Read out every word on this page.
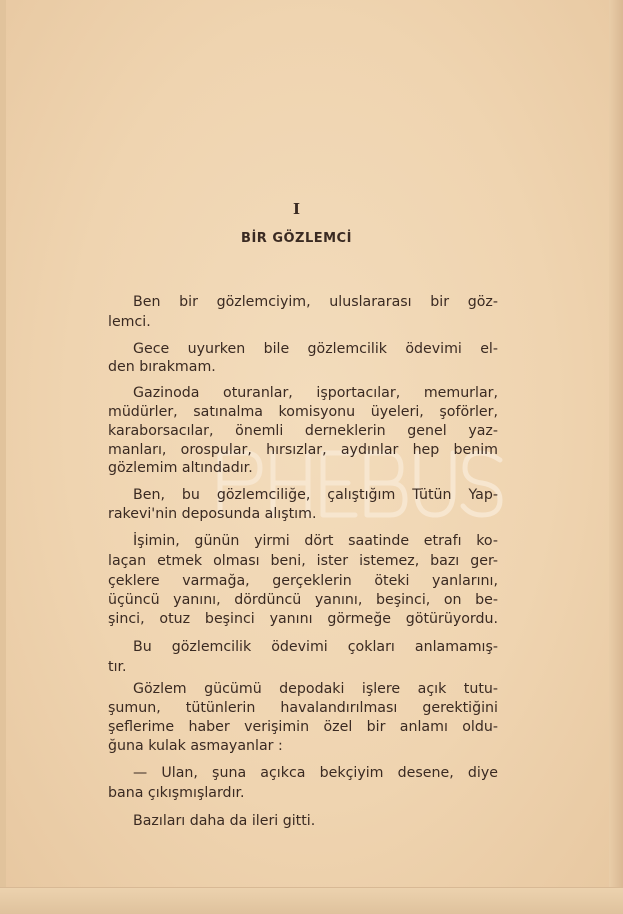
I
BİR GÖZLEMCİ
Ben bir gözlemciyim, uluslararası bir göz-
lemci.
Gece uyurken bile gözlemcilik ödevimi el-
den bırakmam.
Gazinoda oturanlar, işportacılar, memurlar,
müdürler, satınalma komisyonu üyeleri, şoförler,
karaborsacılar, önemli derneklerin genel yaz-
manları, orospular, hırsızlar, aydınlar hep benim
gözlemim altındadır.
Ben, bu gözlemciliğe, çalıştığım Tütün Yap-
rakevi'nin deposunda alıştım.
İşimin, günün yirmi dört saatinde etrafı ko-
laçan etmek olması beni, ister istemez, bazı ger-
çeklere varmağa, gerçeklerin öteki yanlarını,
üçüncü yanını, dördüncü yanını, beşinci, on be-
şinci, otuz beşinci yanını görmeğe götürüyordu.
Bu gözlemcilik ödevimi çokları anlamamış-
tır.
Gözlem gücümü depodaki işlere açık tutu-
şumun, tütünlerin havalandırılması gerektiğini
şeflerime haber verişimin özel bir anlamı oldu-
ğuna kulak asmayanlar :
— Ulan, şuna açıkca bekçiyim desene, diye
bana çıkışmışlardır.
Bazıları daha da ileri gitti.
